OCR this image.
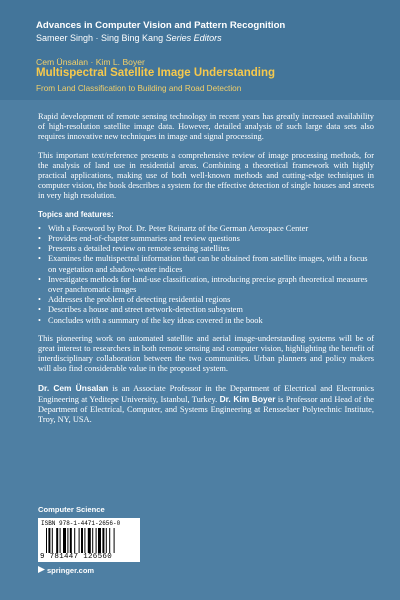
Advances in Computer Vision and Pattern Recognition
Sameer Singh · Sing Bing Kang Series Editors
Cem Ünsalan · Kim L. Boyer
Multispectral Satellite Image Understanding
From Land Classification to Building and Road Detection

Rapid development of remote sensing technology in recent years has greatly increased availability of high-resolution satellite image data. However, detailed analysis of such large data sets also requires innovative new techniques in image and signal processing.

This important text/reference presents a comprehensive review of image processing methods, for the analysis of land use in residential areas. Combining a theoretical framework with highly practical applications, making use of both well-known methods and cutting-edge techniques in computer vision, the book describes a system for the effective detection of single houses and streets in very high resolution.

Topics and features:
• With a Foreword by Prof. Dr. Peter Reinartz of the German Aerospace Center
• Provides end-of-chapter summaries and review questions
• Presents a detailed review on remote sensing satellites
• Examines the multispectral information that can be obtained from satellite images, with a focus on vegetation and shadow-water indices
• Investigates methods for land-use classification, introducing precise graph theoretical measures over panchromatic images
• Addresses the problem of detecting residential regions
• Describes a house and street network-detection subsystem
• Concludes with a summary of the key ideas covered in the book

This pioneering work on automated satellite and aerial image-understanding systems will be of great interest to researchers in both remote sensing and computer vision, highlighting the benefit of interdisciplinary collaboration between the two communities. Urban planners and policy makers will also find considerable value in the proposed system.

Dr. Cem Ünsalan is an Associate Professor in the Department of Electrical and Electronics Engineering at Yeditepe University, Istanbul, Turkey. Dr. Kim Boyer is Professor and Head of the Department of Electrical, Computer, and Systems Engineering at Rensselaer Polytechnic Institute, Troy, NY, USA.

Computer Science
ISBN 978-1-4471-2656-0
9 781447 126560
springer.com
